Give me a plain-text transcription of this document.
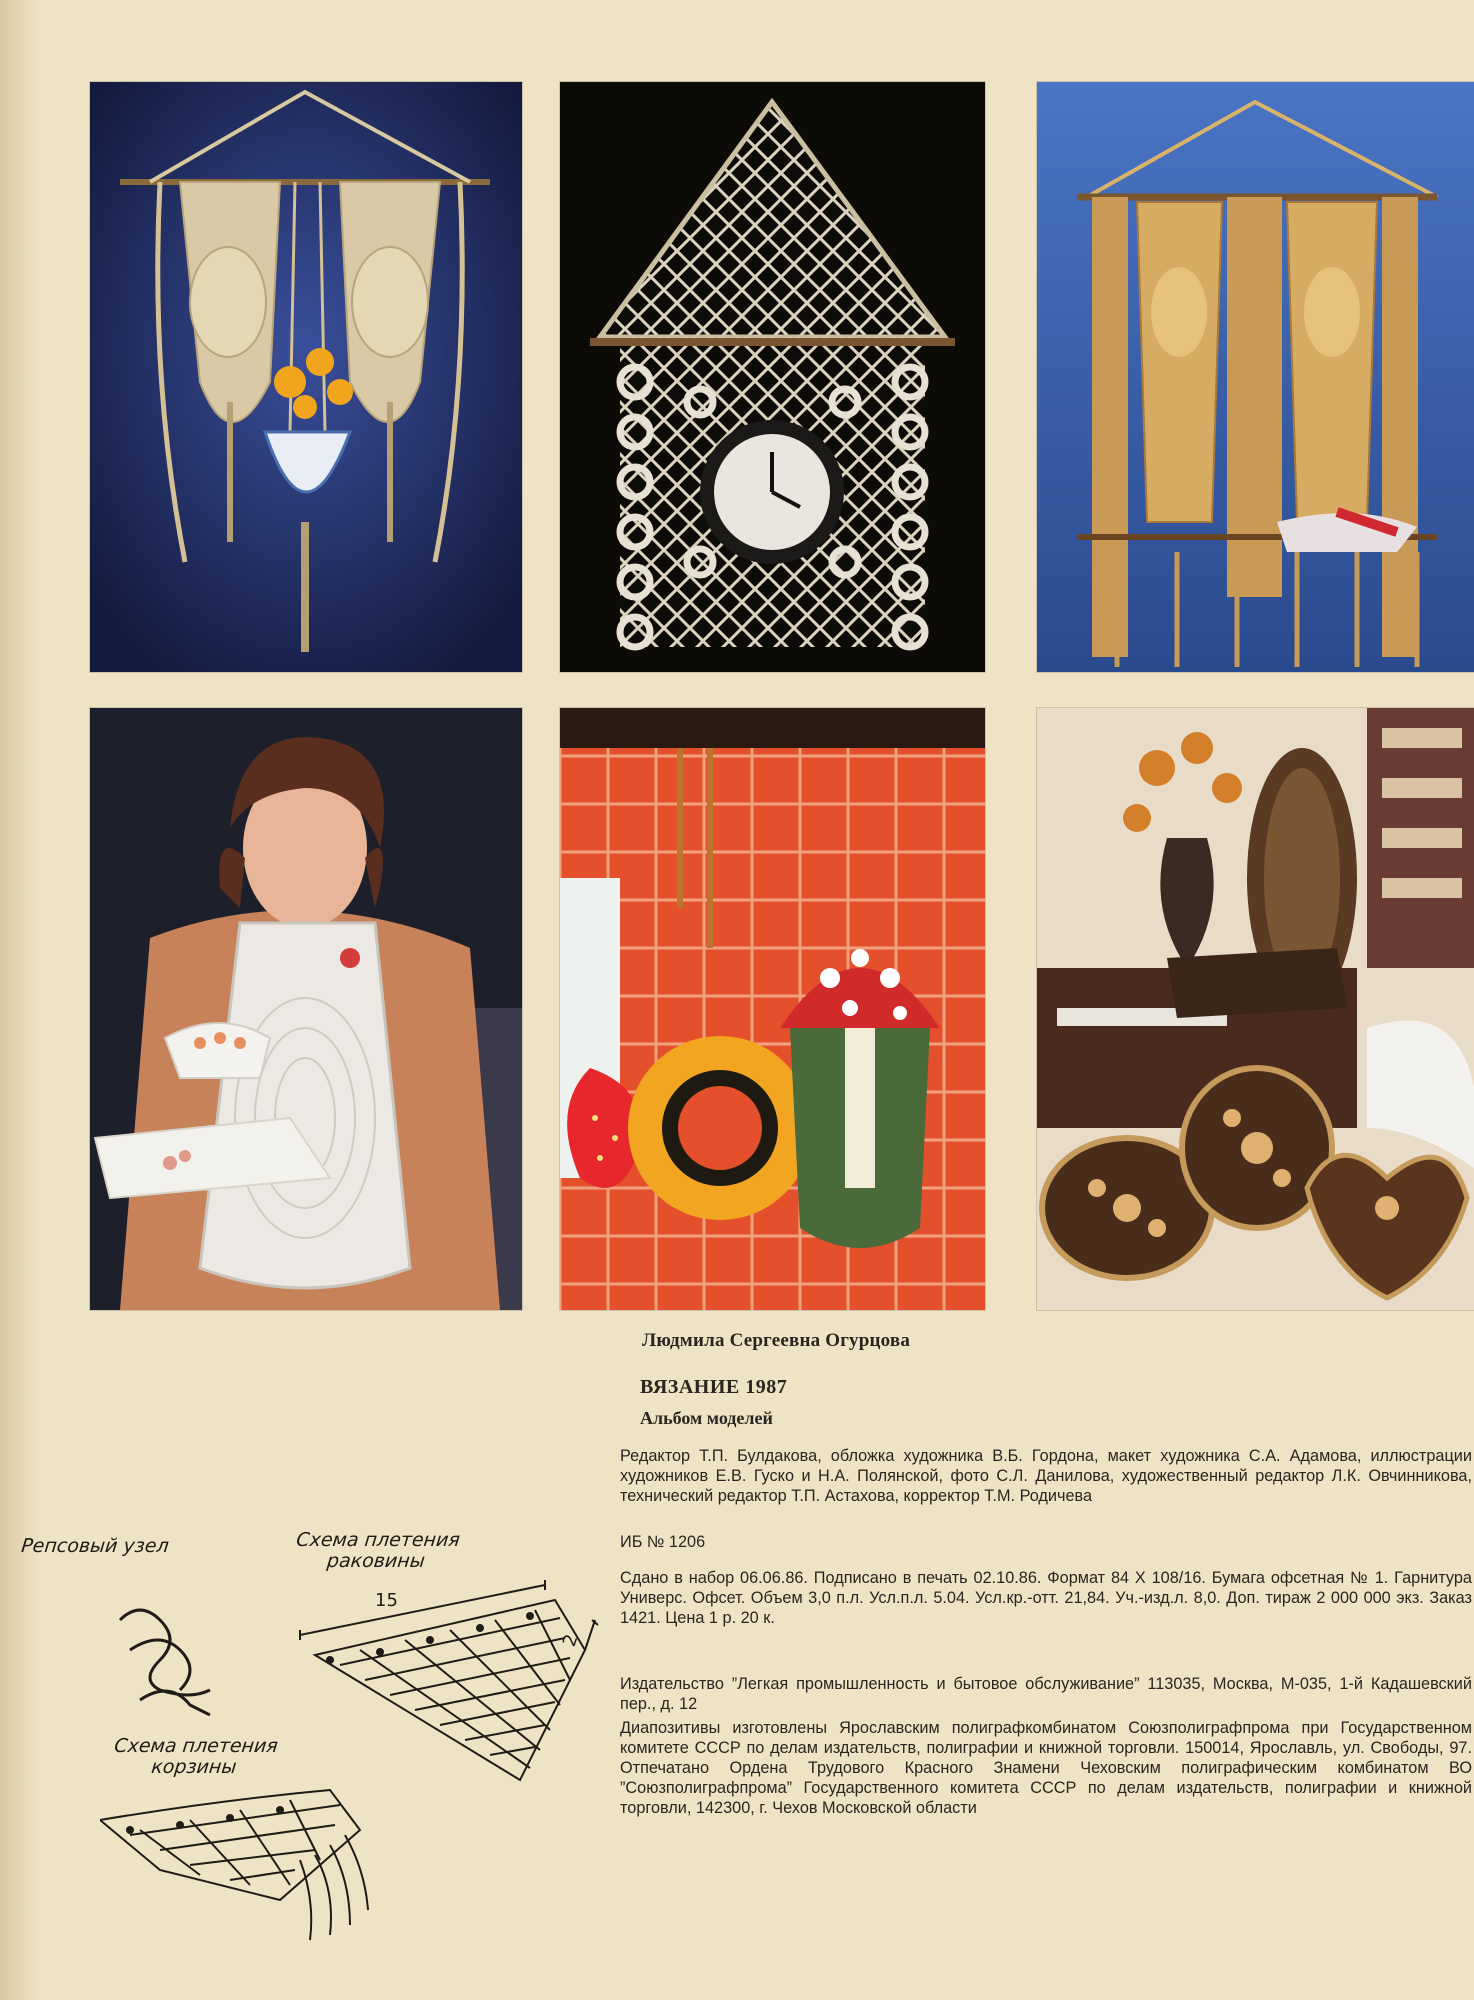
Людмила Сергеевна Огурцова
ВЯЗАНИЕ 1987
Альбом моделей

Редактор Т.П. Булдакова, обложка художника В.Б. Гордона, макет художника С.А. Адамова, иллюстрации художников Е.В. Гуско и Н.А. Полянской, фото С.Л. Данилова, художественный редактор Л.К. Овчинникова, технический редактор Т.П. Астахова, корректор Т.М. Родичева

ИБ № 1206

Сдано в набор 06.06.86. Подписано в печать 02.10.86. Формат 84 X 108/16. Бумага офсетная № 1. Гарнитура Универс. Офсет. Объем 3,0 п.л. Усл.п.л. 5.04. Усл.кр.-отт. 21,84. Уч.-изд.л. 8,0. Доп. тираж 2 000 000 экз. Заказ 1421. Цена 1 р. 20 к.

Издательство ”Легкая промышленность и бытовое обслуживание” 113035, Москва, М-035, 1-й Кадашевский пер., д. 12

Диапозитивы изготовлены Ярославским полиграфкомбинатом Союзполиграфпрома при Государственном комитете СССР по делам издательств, полиграфии и книжной торговли. 150014, Ярославль, ул. Свободы, 97. Отпечатано Ордена Трудового Красного Знамени Чеховским полиграфическим комбинатом ВО ”Союзполиграфпрома” Государственного комитета СССР по делам издательств, полиграфии и книжной торговли, 142300, г. Чехов Московской области

Репсовый узел	Схема плетения раковины
Схема плетения корзины
15
2
